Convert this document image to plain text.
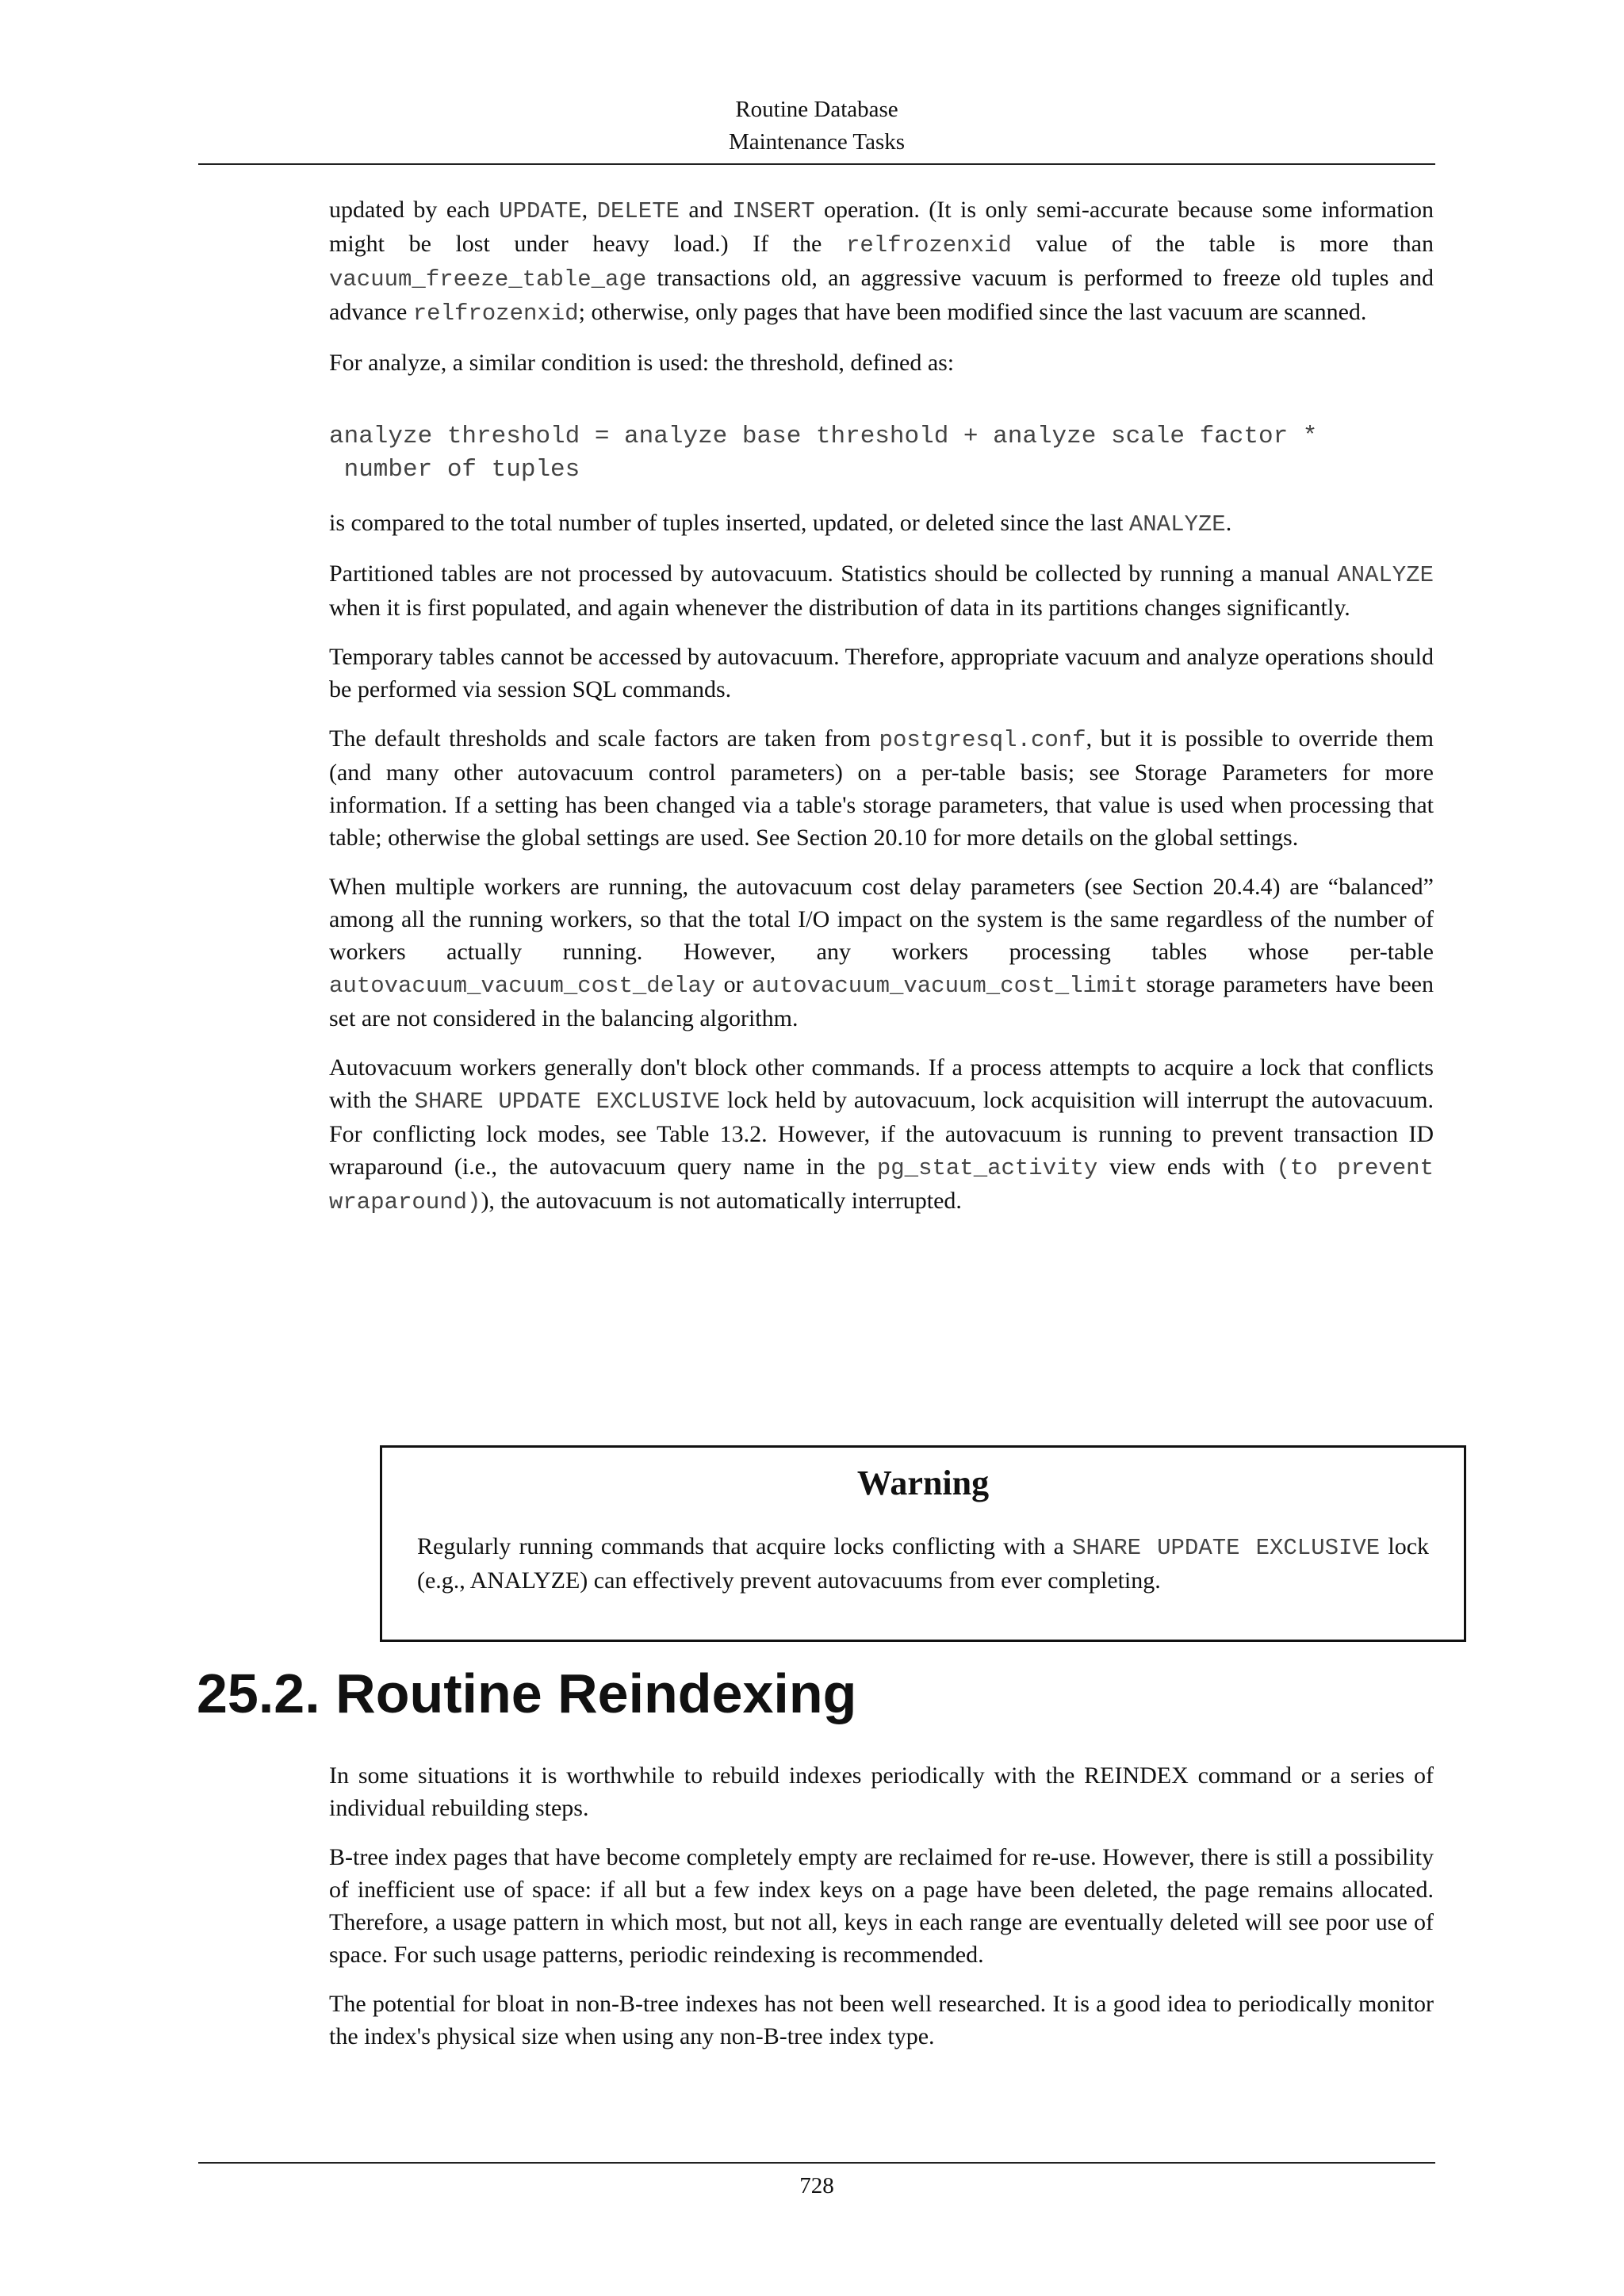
Routine Database
Maintenance Tasks

updated by each UPDATE, DELETE and INSERT operation. (It is only semi-accurate because some information might be lost under heavy load.) If the relfrozenxid value of the table is more than vacuum_freeze_table_age transactions old, an aggressive vacuum is performed to freeze old tuples and advance relfrozenxid; otherwise, only pages that have been modified since the last vacuum are scanned.

For analyze, a similar condition is used: the threshold, defined as:

analyze threshold = analyze base threshold + analyze scale factor *
number of tuples

is compared to the total number of tuples inserted, updated, or deleted since the last ANALYZE.

Partitioned tables are not processed by autovacuum. Statistics should be collected by running a manual ANALYZE when it is first populated, and again whenever the distribution of data in its partitions changes significantly.

Temporary tables cannot be accessed by autovacuum. Therefore, appropriate vacuum and analyze operations should be performed via session SQL commands.

The default thresholds and scale factors are taken from postgresql.conf, but it is possible to override them (and many other autovacuum control parameters) on a per-table basis; see Storage Parameters for more information. If a setting has been changed via a table's storage parameters, that value is used when processing that table; otherwise the global settings are used. See Section 20.10 for more details on the global settings.

When multiple workers are running, the autovacuum cost delay parameters (see Section 20.4.4) are “balanced” among all the running workers, so that the total I/O impact on the system is the same regardless of the number of workers actually running. However, any workers processing tables whose per-table autovacuum_vacuum_cost_delay or autovacuum_vacuum_cost_limit storage parameters have been set are not considered in the balancing algorithm.

Autovacuum workers generally don't block other commands. If a process attempts to acquire a lock that conflicts with the SHARE UPDATE EXCLUSIVE lock held by autovacuum, lock acquisition will interrupt the autovacuum. For conflicting lock modes, see Table 13.2. However, if the autovacuum is running to prevent transaction ID wraparound (i.e., the autovacuum query name in the pg_stat_activity view ends with (to prevent wraparound)), the autovacuum is not automatically interrupted.

Warning
Regularly running commands that acquire locks conflicting with a SHARE UPDATE EXCLUSIVE lock (e.g., ANALYZE) can effectively prevent autovacuums from ever completing.
25.2. Routine Reindexing

In some situations it is worthwhile to rebuild indexes periodically with the REINDEX command or a series of individual rebuilding steps.

B-tree index pages that have become completely empty are reclaimed for re-use. However, there is still a possibility of inefficient use of space: if all but a few index keys on a page have been deleted, the page remains allocated. Therefore, a usage pattern in which most, but not all, keys in each range are eventually deleted will see poor use of space. For such usage patterns, periodic reindexing is recommended.

The potential for bloat in non-B-tree indexes has not been well researched. It is a good idea to periodically monitor the index's physical size when using any non-B-tree index type.

728
